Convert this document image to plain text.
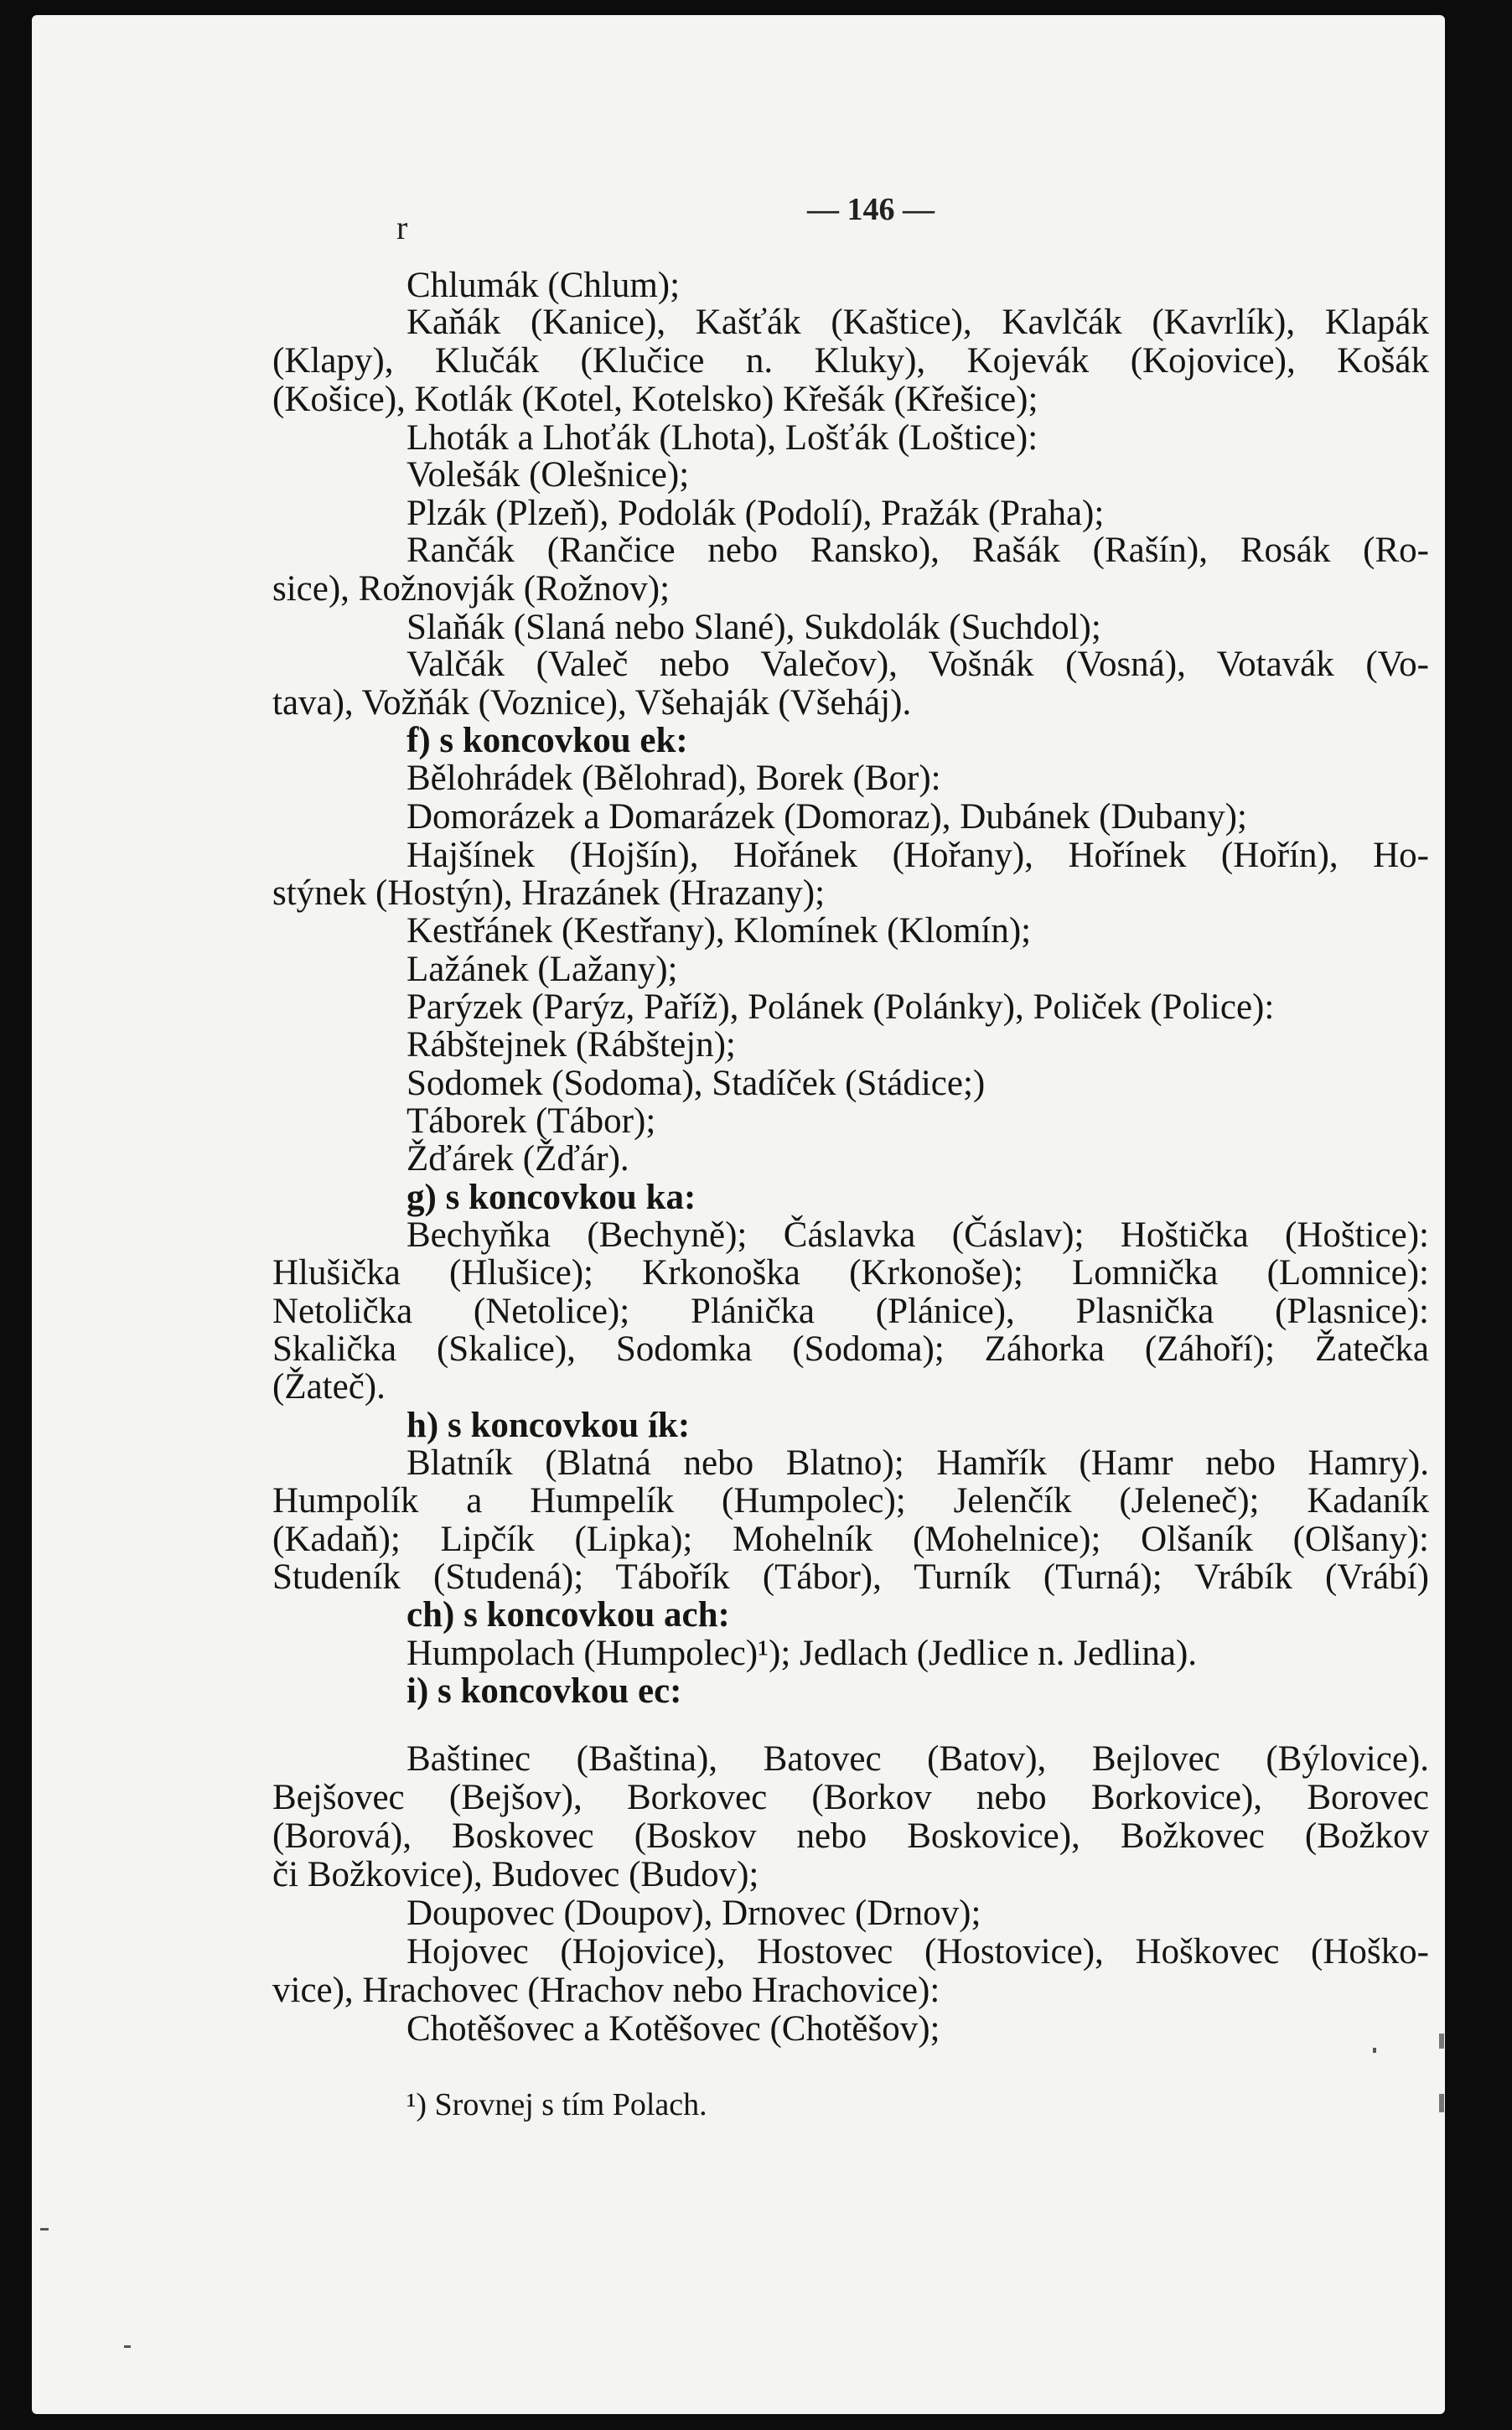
— 146 —
r
Chlumák (Chlum);
Kaňák (Kanice), Kašťák (Kaštice), Kavlčák (Kavrlík), Klapák
(Klapy), Klučák (Klučice n. Kluky), Kojevák (Kojovice), Košák
(Košice), Kotlák (Kotel, Kotelsko) Křešák (Křešice);
Lhoták a Lhoťák (Lhota), Lošťák (Loštice):
Volešák (Olešnice);
Plzák (Plzeň), Podolák (Podolí), Pražák (Praha);
Rančák (Rančice nebo Ransko), Rašák (Rašín), Rosák (Ro-
sice), Rožnovják (Rožnov);
Slaňák (Slaná nebo Slané), Sukdolák (Suchdol);
Valčák (Valeč nebo Valečov), Vošnák (Vosná), Votavák (Vo-
tava), Vožňák (Voznice), Všehaják (Všeháj).
f) s koncovkou ek:
Bělohrádek (Bělohrad), Borek (Bor):
Domorázek a Domarázek (Domoraz), Dubánek (Dubany);
Hajšínek (Hojšín), Hořánek (Hořany), Hořínek (Hořín), Ho-
stýnek (Hostýn), Hrazánek (Hrazany);
Kestřánek (Kestřany), Klomínek (Klomín);
Lažánek (Lažany);
Parýzek (Parýz, Paříž), Polánek (Polánky), Poliček (Police):
Rábštejnek (Rábštejn);
Sodomek (Sodoma), Stadíček (Stádice;)
Táborek (Tábor);
Žďárek (Žďár).
g) s koncovkou ka:
Bechyňka (Bechyně); Čáslavka (Čáslav); Hoštička (Hoštice):
Hlušička (Hlušice); Krkonoška (Krkonoše); Lomnička (Lomnice):
Netolička (Netolice); Plánička (Plánice), Plasnička (Plasnice):
Skalička (Skalice), Sodomka (Sodoma); Záhorka (Záhoří); Žatečka
(Žateč).
h) s koncovkou ík:
Blatník (Blatná nebo Blatno); Hamřík (Hamr nebo Hamry).
Humpolík a Humpelík (Humpolec); Jelenčík (Jeleneč); Kadaník
(Kadaň); Lipčík (Lipka); Mohelník (Mohelnice); Olšaník (Olšany):
Studeník (Studená); Tábořík (Tábor), Turník (Turná); Vrábík (Vrábí)
ch) s koncovkou ach:
Humpolach (Humpolec)¹); Jedlach (Jedlice n. Jedlina).
i) s koncovkou ec:
Baštinec (Baština), Batovec (Batov), Bejlovec (Býlovice).
Bejšovec (Bejšov), Borkovec (Borkov nebo Borkovice), Borovec
(Borová), Boskovec (Boskov nebo Boskovice), Božkovec (Božkov
či Božkovice), Budovec (Budov);
Doupovec (Doupov), Drnovec (Drnov);
Hojovec (Hojovice), Hostovec (Hostovice), Hoškovec (Hoško-
vice), Hrachovec (Hrachov nebo Hrachovice):
Chotěšovec a Kotěšovec (Chotěšov);
¹) Srovnej s tím Polach.
